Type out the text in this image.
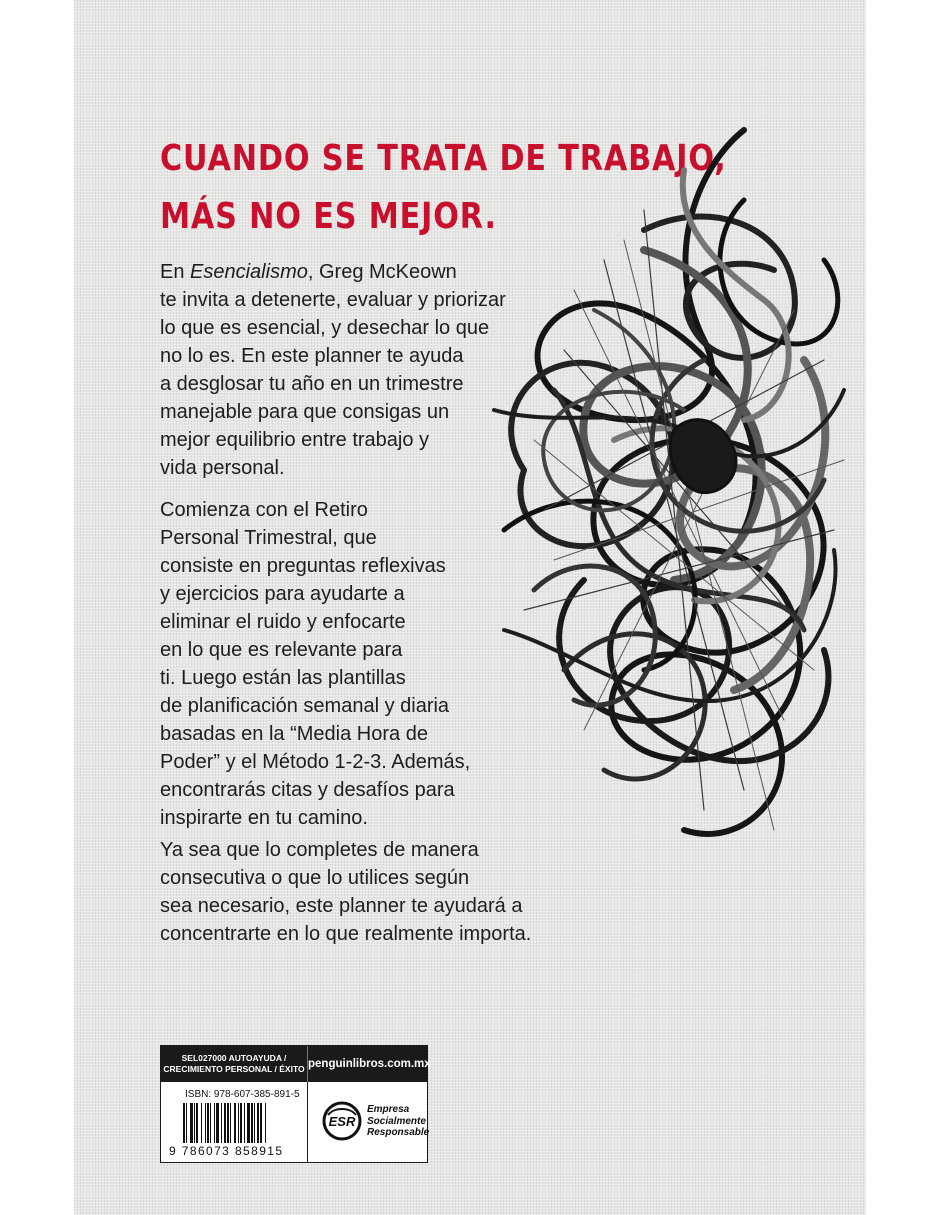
CUANDO SE TRATA DE TRABAJO,
MÁS NO ES MEJOR.
En Esencialismo, Greg McKeown
te invita a detenerte, evaluar y priorizar
lo que es esencial, y desechar lo que
no lo es. En este planner te ayuda
a desglosar tu año en un trimestre
manejable para que consigas un
mejor equilibrio entre trabajo y
vida personal.
Comienza con el Retiro
Personal Trimestral, que
consiste en preguntas reflexivas
y ejercicios para ayudarte a
eliminar el ruido y enfocarte
en lo que es relevante para
ti. Luego están las plantillas
de planificación semanal y diaria
basadas en la “Media Hora de
Poder” y el Método 1-2-3. Además,
encontrarás citas y desafíos para
inspirarte en tu camino.
Ya sea que lo completes de manera
consecutiva o que lo utilices según
sea necesario, este planner te ayudará a
concentrarte en lo que realmente importa.
SEL027000 AUTOAYUDA /
CRECIMIENTO PERSONAL / ÉXITO penguinlibros.com.mx
ISBN: 978-607-385-891-5
9 786073 858915
ESR
Empresa
Socialmente
Responsable
